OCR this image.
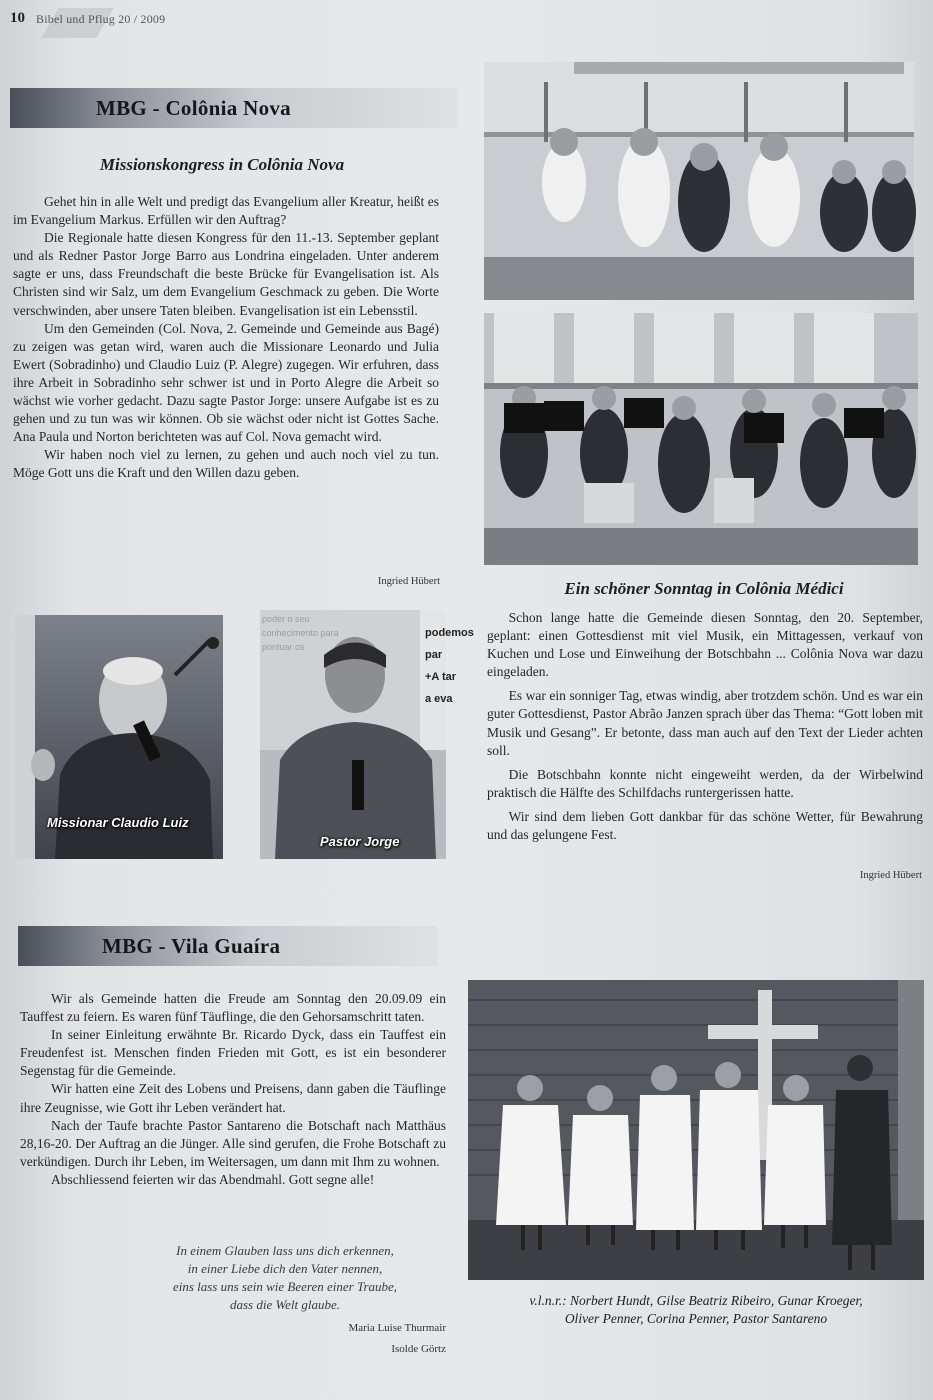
10 Bibel und Pflug 20 / 2009
MBG - Colônia Nova
Missionskongress in Colônia Nova

Gehet hin in alle Welt und predigt das Evangelium aller Kreatur, heißt es im Evangelium Markus. Erfüllen wir den Auftrag?

Die Regionale hatte diesen Kongress für den 11.-13. September geplant und als Redner Pastor Jorge Barro aus Londrina eingeladen. Unter anderem sagte er uns, dass Freundschaft die beste Brücke für Evangelisation ist. Als Christen sind wir Salz, um dem Evangelium Geschmack zu geben. Die Worte verschwinden, aber unsere Taten bleiben. Evangelisation ist ein Lebensstil.

Um den Gemeinden (Col. Nova, 2. Gemeinde und Gemeinde aus Bagé) zu zeigen was getan wird, waren auch die Missionare Leonardo und Julia Ewert (Sobradinho) und Claudio Luiz (P. Alegre) zugegen. Wir erfuhren, dass ihre Arbeit in Sobradinho sehr schwer ist und in Porto Alegre die Arbeit so wächst wie vorher gedacht. Dazu sagte Pastor Jorge: unsere Aufgabe ist es zu gehen und zu tun was wir können. Ob sie wächst oder nicht ist Gottes Sache. Ana Paula und Norton berichteten was auf Col. Nova gemacht wird.

Wir haben noch viel zu lernen, zu gehen und auch noch viel zu tun. Möge Gott uns die Kraft und den Willen dazu geben.

Ingried Hübert
Missionar Claudio Luiz
podemos
par
+A tar
a eva
poder o seu
conhecimento para
pontuar os
Pastor Jorge
Ein schöner Sonntag in Colônia Médici

Schon lange hatte die Gemeinde diesen Sonntag, den 20. September, geplant: einen Gottesdienst mit viel Musik, ein Mittagessen, verkauf von Kuchen und Lose und Einweihung der Botschbahn ... Colônia Nova war dazu eingeladen.

Es war ein sonniger Tag, etwas windig, aber trotzdem schön. Und es war ein guter Gottesdienst, Pastor Abrão Janzen sprach über das Thema: “Gott loben mit Musik und Gesang”. Er betonte, dass man auch auf den Text der Lieder achten soll.

Die Botschbahn konnte nicht eingeweiht werden, da der Wirbelwind praktisch die Hälfte des Schilfdachs runtergerissen hatte.

Wir sind dem lieben Gott dankbar für das schöne Wetter, für Bewahrung und das gelungene Fest.

Ingried Hübert
MBG - Vila Guaíra

Wir als Gemeinde hatten die Freude am Sonntag den 20.09.09 ein Tauffest zu feiern. Es waren fünf Täuflinge, die den Gehorsamschritt taten.

In seiner Einleitung erwähnte Br. Ricardo Dyck, dass ein Tauffest ein Freudenfest ist. Menschen finden Frieden mit Gott, es ist ein besonderer Segenstag für die Gemeinde.

Wir hatten eine Zeit des Lobens und Preisens, dann gaben die Täuflinge ihre Zeugnisse, wie Gott ihr Leben verändert hat.

Nach der Taufe brachte Pastor Santareno die Botschaft nach Matthäus 28,16-20. Der Auftrag an die Jünger. Alle sind gerufen, die Frohe Botschaft zu verkündigen. Durch ihr Leben, im Weitersagen, um dann mit Ihm zu wohnen.

Abschliessend feierten wir das Abendmahl. Gott segne alle!

In einem Glauben lass uns dich erkennen,
in einer Liebe dich den Vater nennen,
eins lass uns sein wie Beeren einer Traube,
dass die Welt glaube.
Maria Luise Thurmair
Isolde Görtz
v.l.n.r.: Norbert Hundt, Gilse Beatriz Ribeiro, Gunar Kroeger,
Oliver Penner, Corina Penner, Pastor Santareno
